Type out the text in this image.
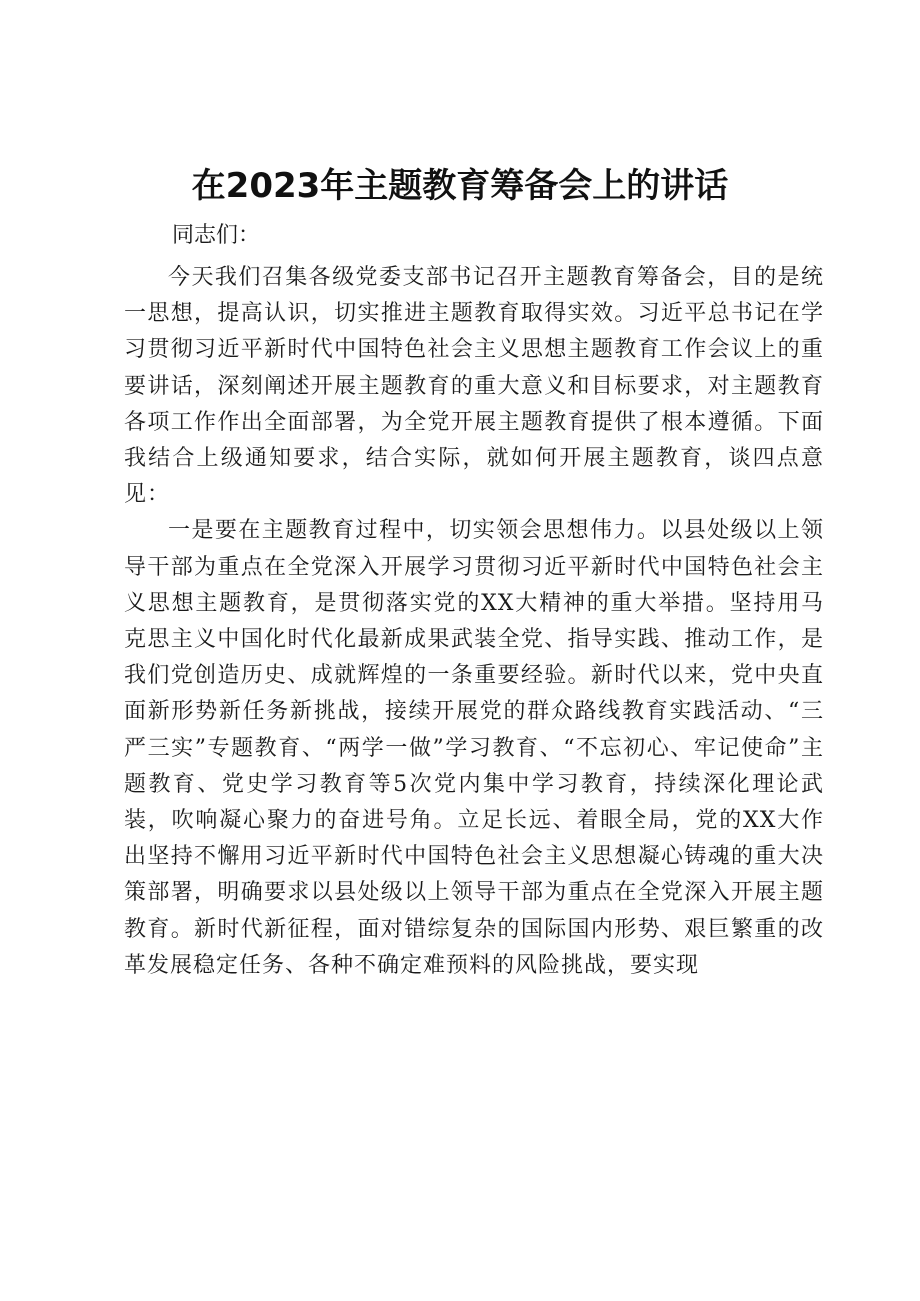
在2023年主题教育筹备会上的讲话

同志们：

今天我们召集各级党委支部书记召开主题教育筹备会，目的是统一思想，提高认识，切实推进主题教育取得实效。习近平总书记在学习贯彻习近平新时代中国特色社会主义思想主题教育工作会议上的重要讲话，深刻阐述开展主题教育的重大意义和目标要求，对主题教育各项工作作出全面部署，为全党开展主题教育提供了根本遵循。下面我结合上级通知要求，结合实际，就如何开展主题教育，谈四点意见：

一是要在主题教育过程中，切实领会思想伟力。以县处级以上领导干部为重点在全党深入开展学习贯彻习近平新时代中国特色社会主义思想主题教育，是贯彻落实党的XX大精神的重大举措。坚持用马克思主义中国化时代化最新成果武装全党、指导实践、推动工作，是我们党创造历史、成就辉煌的一条重要经验。新时代以来，党中央直面新形势新任务新挑战，接续开展党的群众路线教育实践活动、“三严三实”专题教育、“两学一做”学习教育、“不忘初心、牢记使命”主题教育、党史学习教育等5次党内集中学习教育，持续深化理论武装，吹响凝心聚力的奋进号角。立足长远、着眼全局，党的XX大作出坚持不懈用习近平新时代中国特色社会主义思想凝心铸魂的重大决策部署，明确要求以县处级以上领导干部为重点在全党深入开展主题教育。新时代新征程，面对错综复杂的国际国内形势、艰巨繁重的改革发展稳定任务、各种不确定难预料的风险挑战，要实现
